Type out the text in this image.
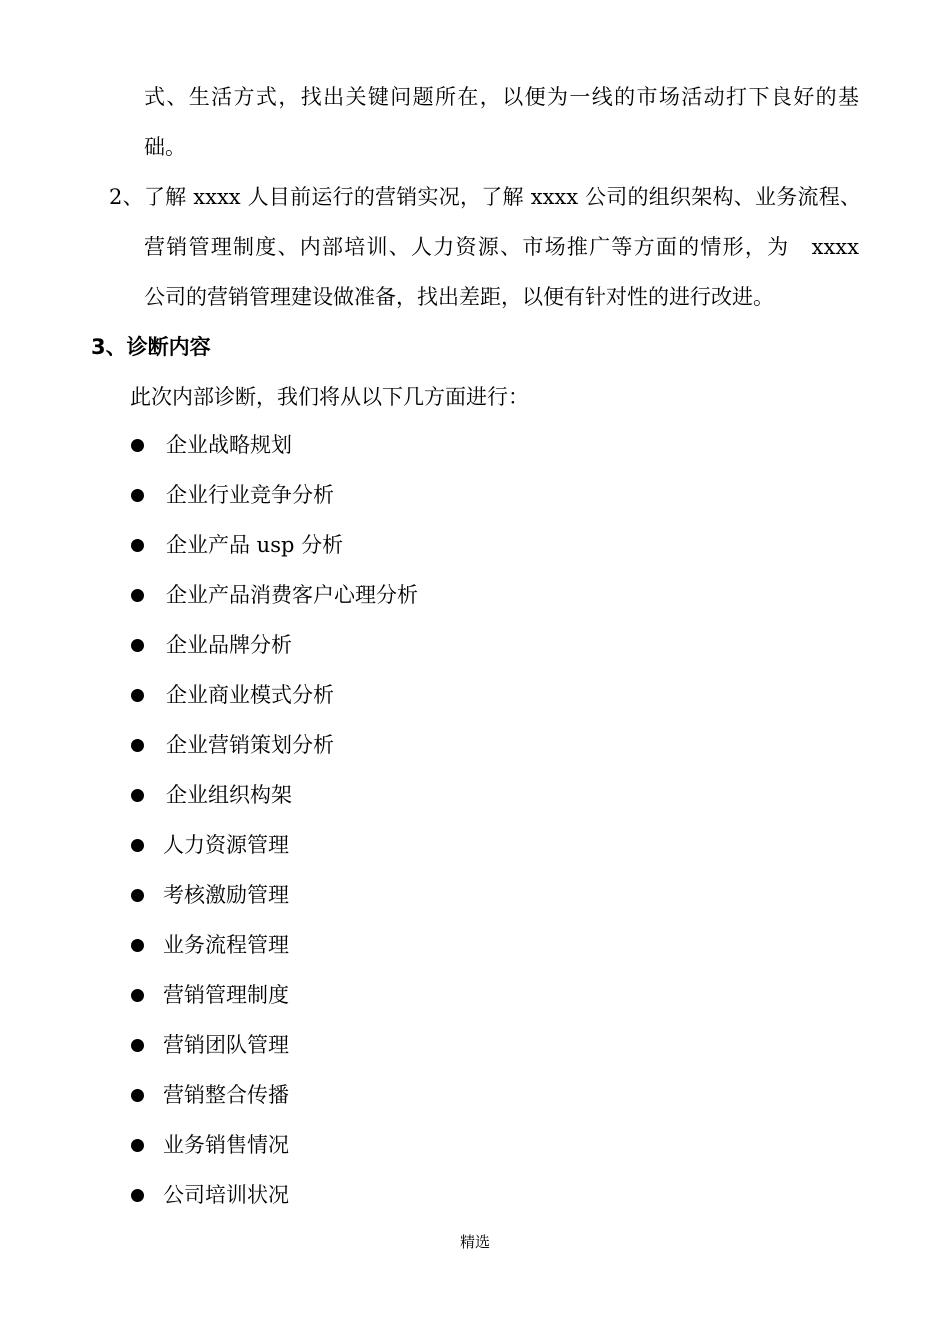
式、生活方式，找出关键问题所在，以便为一线的市场活动打下良好的基
础。
2、了解 xxxx 人目前运行的营销实况，了解 xxxx 公司的组织架构、业务流程、
营销管理制度、内部培训、人力资源、市场推广等方面的情形，为　xxxx
公司的营销管理建设做准备，找出差距，以便有针对性的进行改进。
3、诊断内容
此次内部诊断，我们将从以下几方面进行：
企业战略规划
企业行业竞争分析
企业产品 usp 分析
企业产品消费客户心理分析
企业品牌分析
企业商业模式分析
企业营销策划分析
企业组织构架
人力资源管理
考核激励管理
业务流程管理
营销管理制度
营销团队管理
营销整合传播
业务销售情况
公司培训状况
精选
